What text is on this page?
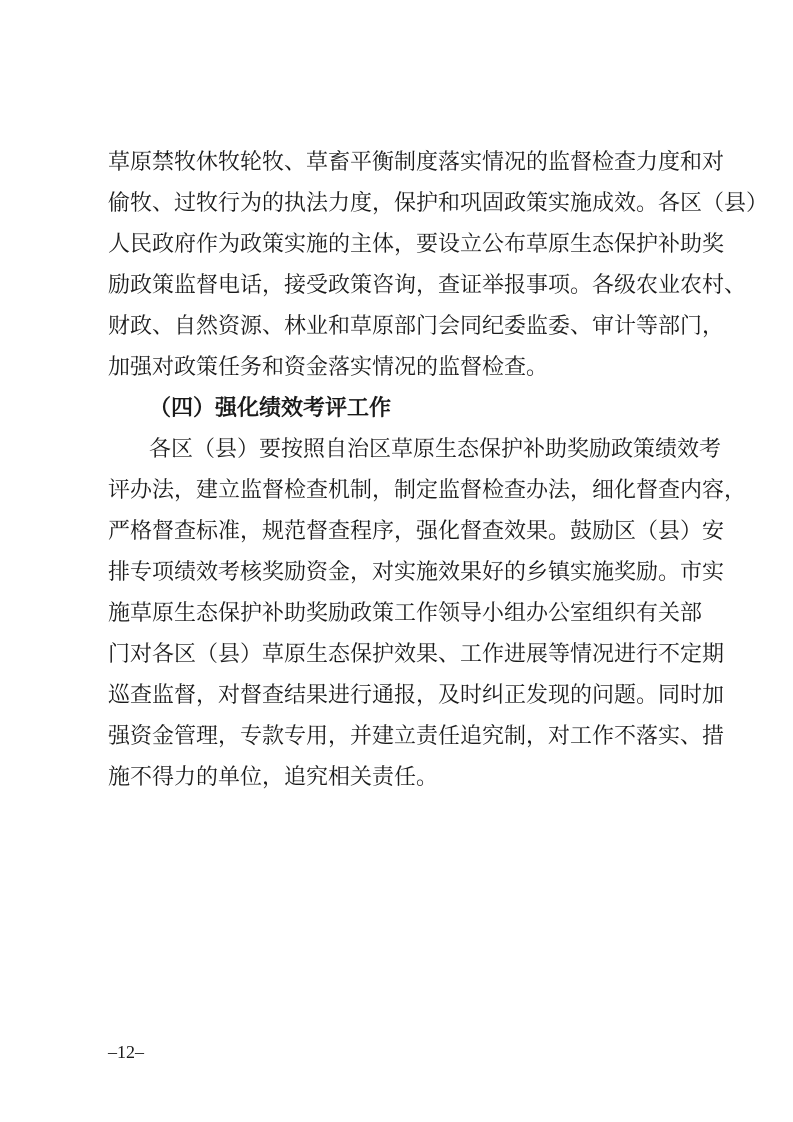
草原禁牧休牧轮牧、草畜平衡制度落实情况的监督检查力度和对
偷牧、过牧行为的执法力度，保护和巩固政策实施成效。各区（县）
人民政府作为政策实施的主体，要设立公布草原生态保护补助奖
励政策监督电话，接受政策咨询，查证举报事项。各级农业农村、
财政、自然资源、林业和草原部门会同纪委监委、审计等部门，
加强对政策任务和资金落实情况的监督检查。
（四）强化绩效考评工作
各区（县）要按照自治区草原生态保护补助奖励政策绩效考
评办法，建立监督检查机制，制定监督检查办法，细化督查内容，
严格督查标准，规范督查程序，强化督查效果。鼓励区（县）安
排专项绩效考核奖励资金，对实施效果好的乡镇实施奖励。市实
施草原生态保护补助奖励政策工作领导小组办公室组织有关部
门对各区（县）草原生态保护效果、工作进展等情况进行不定期
巡查监督，对督查结果进行通报，及时纠正发现的问题。同时加
强资金管理，专款专用，并建立责任追究制，对工作不落实、措
施不得力的单位，追究相关责任。
–12–
